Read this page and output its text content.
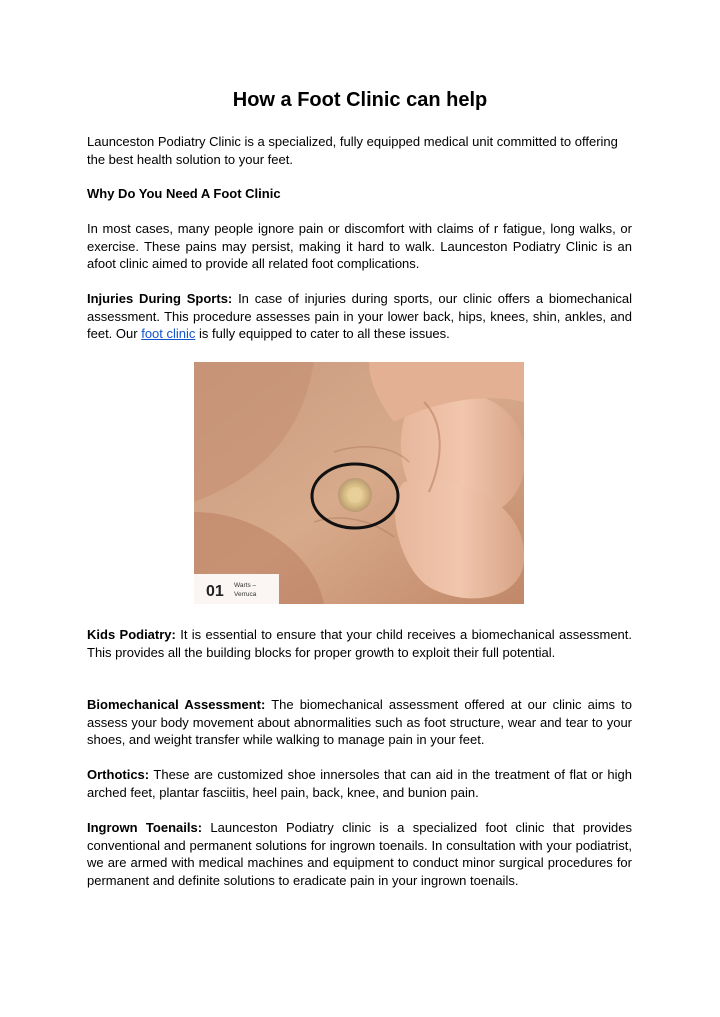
How a Foot Clinic can help

Launceston Podiatry Clinic is a specialized, fully equipped medical unit committed to offering the best health solution to your feet.

Why Do You Need A Foot Clinic

In most cases, many people ignore pain or discomfort with claims of r fatigue, long walks, or exercise. These pains may persist, making it hard to walk. Launceston Podiatry Clinic is an afoot clinic aimed to provide all related foot complications.

Injuries During Sports: In case of injuries during sports, our clinic offers a biomechanical assessment. This procedure assesses pain in your lower back, hips, knees, shin, ankles, and feet. Our foot clinic is fully equipped to cater to all these issues.

01 Warts –
Verruca

Kids Podiatry: It is essential to ensure that your child receives a biomechanical assessment. This provides all the building blocks for proper growth to exploit their full potential.

Biomechanical Assessment: The biomechanical assessment offered at our clinic aims to assess your body movement about abnormalities such as foot structure, wear and tear to your shoes, and weight transfer while walking to manage pain in your feet.

Orthotics: These are customized shoe innersoles that can aid in the treatment of flat or high arched feet, plantar fasciitis, heel pain, back, knee, and bunion pain.

Ingrown Toenails: Launceston Podiatry clinic is a specialized foot clinic that provides conventional and permanent solutions for ingrown toenails. In consultation with your podiatrist, we are armed with medical machines and equipment to conduct minor surgical procedures for permanent and definite solutions to eradicate pain in your ingrown toenails.
